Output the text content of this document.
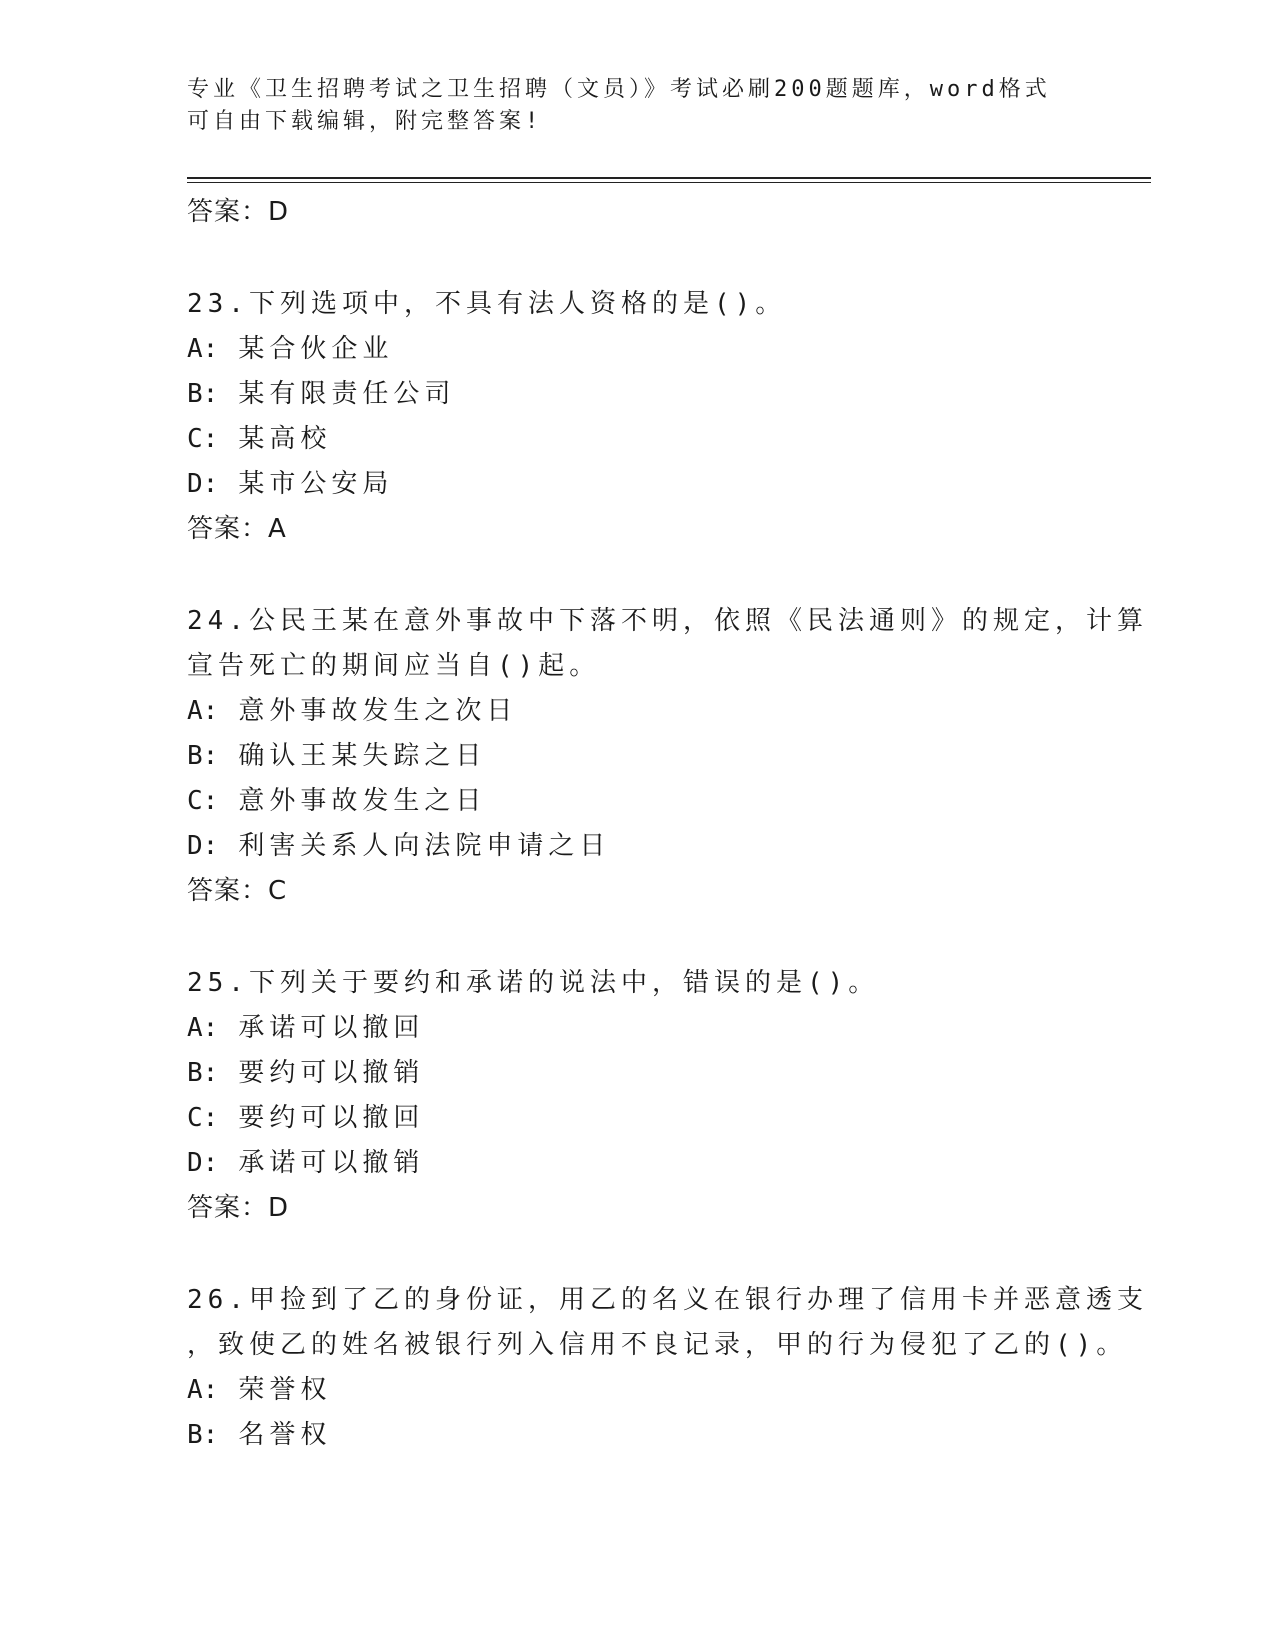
专业《卫生招聘考试之卫生招聘（文员）》考试必刷200题题库，word格式可自由下载编辑，附完整答案!
答案：D
23.下列选项中，不具有法人资格的是()。
A: 某合伙企业
B: 某有限责任公司
C: 某高校
D: 某市公安局
答案：A
24.公民王某在意外事故中下落不明，依照《民法通则》的规定，计算
宣告死亡的期间应当自()起。
A: 意外事故发生之次日
B: 确认王某失踪之日
C: 意外事故发生之日
D: 利害关系人向法院申请之日
答案：C
25.下列关于要约和承诺的说法中，错误的是()。
A: 承诺可以撤回
B: 要约可以撤销
C: 要约可以撤回
D: 承诺可以撤销
答案：D
26.甲捡到了乙的身份证，用乙的名义在银行办理了信用卡并恶意透支
，致使乙的姓名被银行列入信用不良记录，甲的行为侵犯了乙的()。
A: 荣誉权
B: 名誉权
